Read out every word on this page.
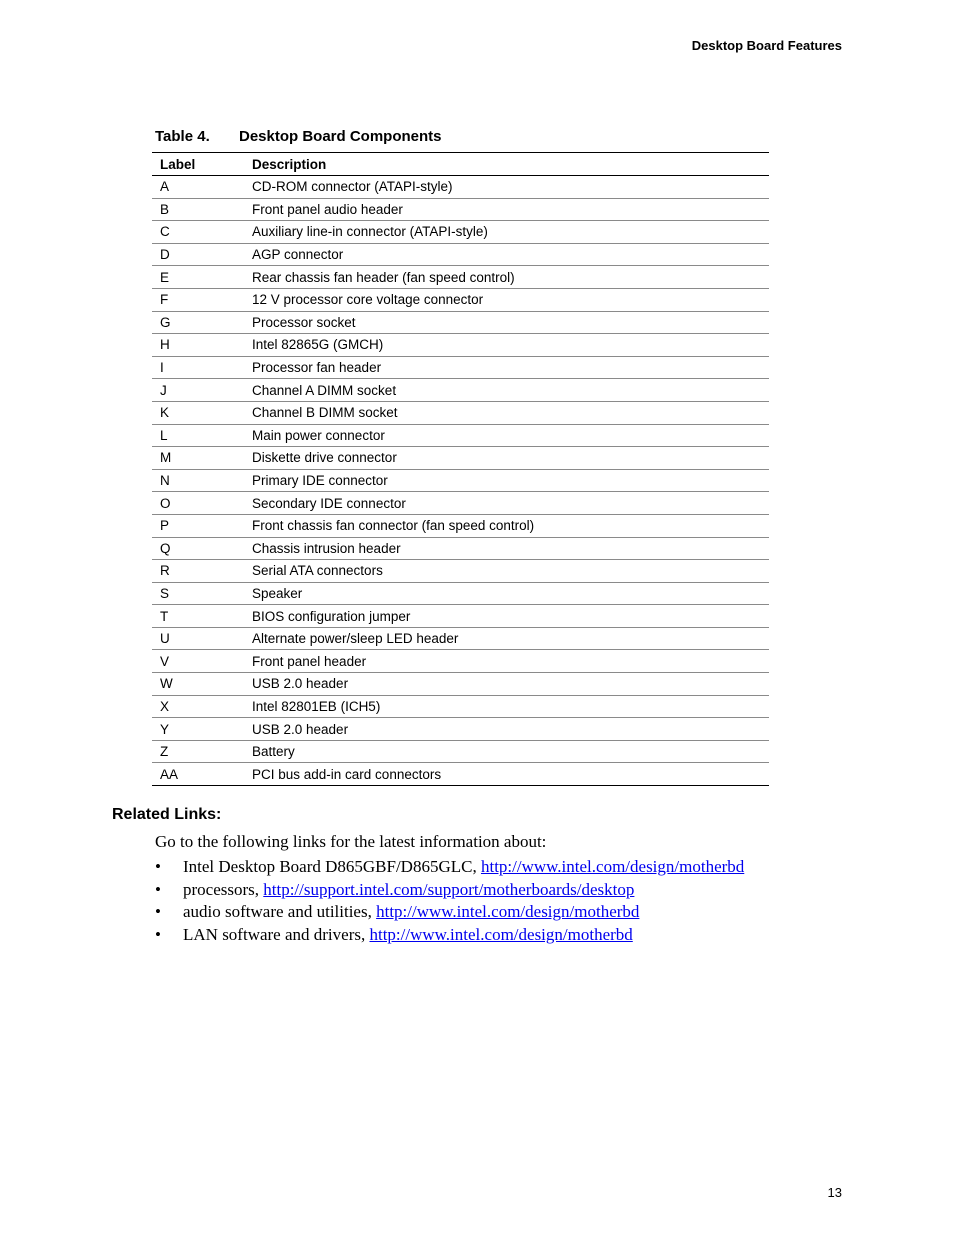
Desktop Board Features
Table 4. Desktop Board Components
Label	Description
A	CD-ROM connector (ATAPI-style)
B	Front panel audio header
C	Auxiliary line-in connector (ATAPI-style)
D	AGP connector
E	Rear chassis fan header (fan speed control)
F	12 V processor core voltage connector
G	Processor socket
H	Intel 82865G (GMCH)
I	Processor fan header
J	Channel A DIMM socket
K	Channel B DIMM socket
L	Main power connector
M	Diskette drive connector
N	Primary IDE connector
O	Secondary IDE connector
P	Front chassis fan connector (fan speed control)
Q	Chassis intrusion header
R	Serial ATA connectors
S	Speaker
T	BIOS configuration jumper
U	Alternate power/sleep LED header
V	Front panel header
W	USB 2.0 header
X	Intel 82801EB (ICH5)
Y	USB 2.0 header
Z	Battery
AA	PCI bus add-in card connectors
Related Links:
Go to the following links for the latest information about:
• Intel Desktop Board D865GBF/D865GLC, http://www.intel.com/design/motherbd
• processors, http://support.intel.com/support/motherboards/desktop
• audio software and utilities, http://www.intel.com/design/motherbd
• LAN software and drivers, http://www.intel.com/design/motherbd
13
